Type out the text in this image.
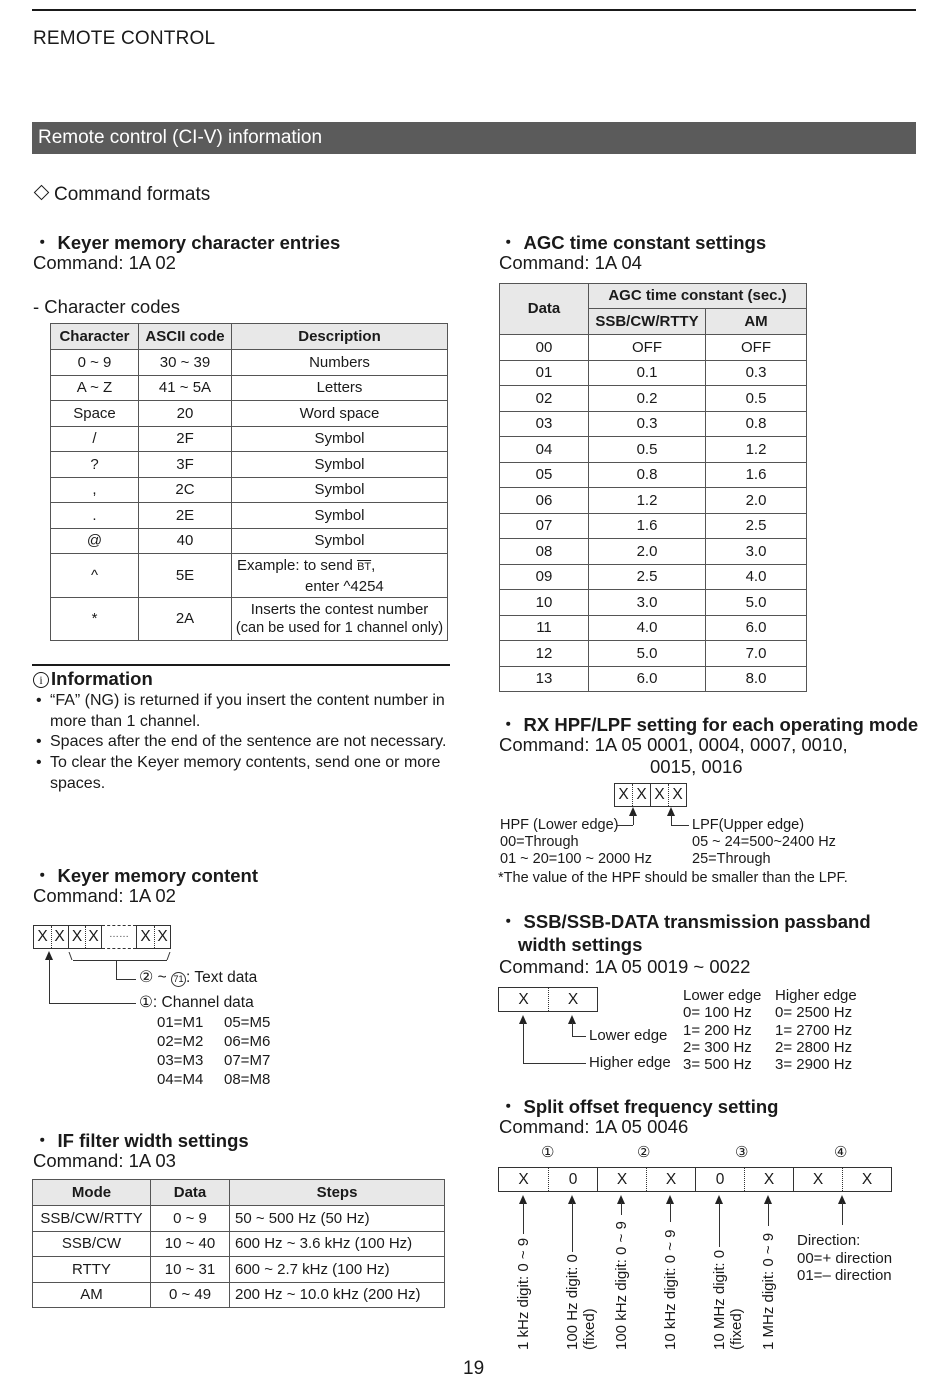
REMOTE CONTROL
Remote control (CI-V) information
Command formats
・ Keyer memory character entries
Command: 1A 02
- Character codes
Character	ASCII code	Description
0 ~ 9	30 ~ 39	Numbers
A ~ Z	41 ~ 5A	Letters
Space	20	Word space
/	2F	Symbol
?	3F	Symbol
,	2C	Symbol
.	2E	Symbol
@	40	Symbol
^	5E	Example: to send $\overline{BT}$,
enter ^4254

*	2A	Inserts the contest number
(can be used for 1 channel only)
i Information
• “FA” (NG) is returned if you insert the content number in more than 1 channel.
• Spaces after the end of the sentence are not necessary.
• To clear the Keyer memory contents, send one or more spaces.
・ Keyer memory content
Command: 1A 02
X X X X	…… X X
② ~ 71 : Text data
①: Channel data
01=M1 05=M5
02=M2 06=M6
03=M3 07=M7
04=M4 08=M8
・ IF filter width settings
Command: 1A 03
Mode	Data	Steps
SSB/CW/RTTY	0 ~ 9	50 ~ 500 Hz (50 Hz)
SSB/CW	10 ~ 40	600 Hz ~ 3.6 kHz (100 Hz)
RTTY	10 ~ 31	600 ~ 2.7 kHz (100 Hz)
AM	0 ~ 49	200 Hz ~ 10.0 kHz (200 Hz)
・ AGC time constant settings
Command: 1A 04
Data	AGC time constant (sec.)	
	SSB/CW/RTTY	AM
00	OFF	OFF
01	0.1	0.3
02	0.2	0.5
03	0.3	0.8
04	0.5	1.2
05	0.8	1.6
06	1.2	2.0
07	1.6	2.5
08	2.0	3.0
09	2.5	4.0
10	3.0	5.0
11	4.0	6.0
12	5.0	7.0
13	6.0	8.0
・ RX HPF/LPF setting for each operating mode
Command: 1A 05 0001, 0004, 0007, 0010,
0015, 0016
X X X X
HPF (Lower edge)
00=Through
01 ~ 20=100 ~ 2000 Hz
LPF(Upper edge)
05 ~ 24=500~2400 Hz
25=Through
*The value of the HPF should be smaller than the LPF.
・ SSB/SSB-DATA transmission passband
width settings
Command: 1A 05 0019 ~ 0022
X	X
Lower edge
Higher edge
Lower edge
0= 100 Hz
1= 200 Hz
2= 300 Hz
3= 500 Hz
Higher edge
0= 2500 Hz
1= 2700 Hz
2= 2800 Hz
3= 2900 Hz
・ Split offset frequency setting
Command: 1A 05 0046
①	②	③	④
X	0	X	X	0	X	X	X
1 kHz digit: 0 ~ 9 100 Hz digit: 0 (fixed) 100 kHz digit: 0 ~ 9 10 kHz digit: 0 ~ 9 10 MHz digit: 0 (fixed) 1 MHz digit: 0 ~ 9 Direction:
00=+ direction
01=– direction
19
